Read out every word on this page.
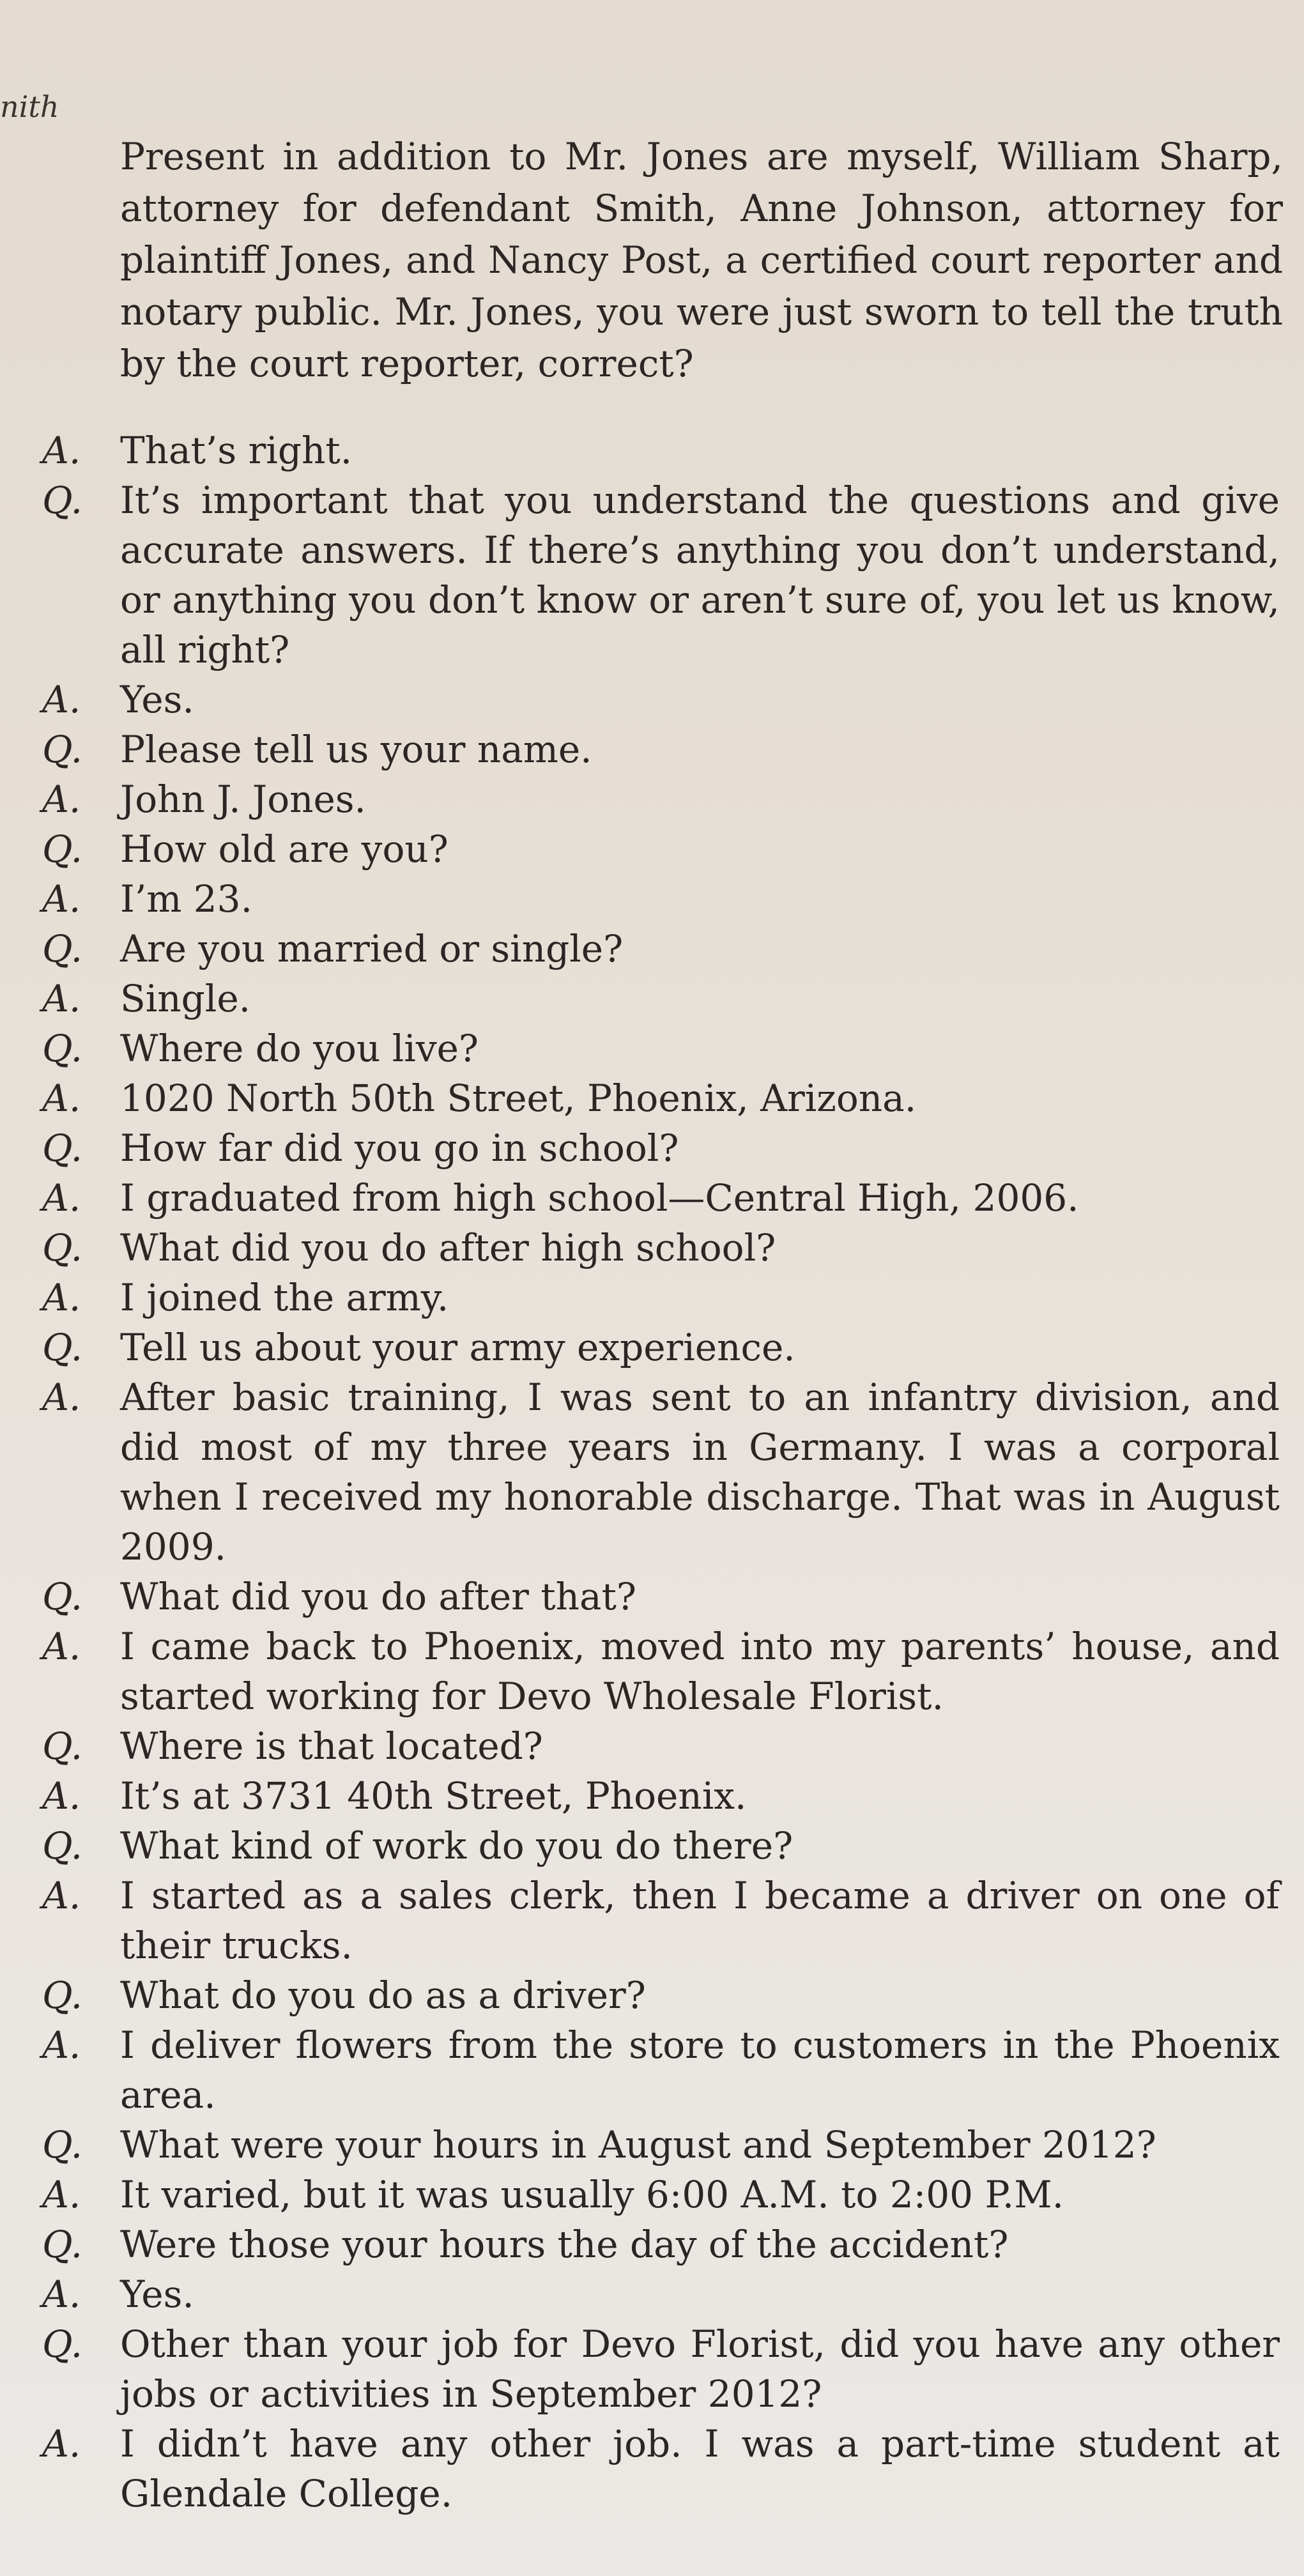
nith

Present in addition to Mr. Jones are myself, William Sharp, attorney for defendant Smith, Anne Johnson, attorney for plaintiff Jones, and Nancy Post, a certified court reporter and notary public. Mr. Jones, you were just sworn to tell the truth by the court reporter, correct?

A.	That’s right.
Q.	It’s important that you understand the questions and give accurate answers. If there’s anything you don’t understand, or anything you don’t know or aren’t sure of, you let us know, all right?
A.	Yes.
Q.	Please tell us your name.
A.	John J. Jones.
Q.	How old are you?
A.	I’m 23.
Q.	Are you married or single?
A.	Single.
Q.	Where do you live?
A.	1020 North 50th Street, Phoenix, Arizona.
Q.	How far did you go in school?
A.	I graduated from high school—Central High, 2006.
Q.	What did you do after high school?
A.	I joined the army.
Q.	Tell us about your army experience.
A.	After basic training, I was sent to an infantry division, and did most of my three years in Germany. I was a corporal when I received my honorable discharge. That was in August 2009.
Q.	What did you do after that?
A.	I came back to Phoenix, moved into my parents’ house, and started working for Devo Wholesale Florist.
Q.	Where is that located?
A.	It’s at 3731 40th Street, Phoenix.
Q.	What kind of work do you do there?
A.	I started as a sales clerk, then I became a driver on one of their trucks.
Q.	What do you do as a driver?
A.	I deliver flowers from the store to customers in the Phoenix area.
Q.	What were your hours in August and September 2012?
A.	It varied, but it was usually 6:00 A.M. to 2:00 P.M.
Q.	Were those your hours the day of the accident?
A.	Yes.
Q.	Other than your job for Devo Florist, did you have any other jobs or activities in September 2012?
A.	I didn’t have any other job. I was a part-time student at Glendale College.
